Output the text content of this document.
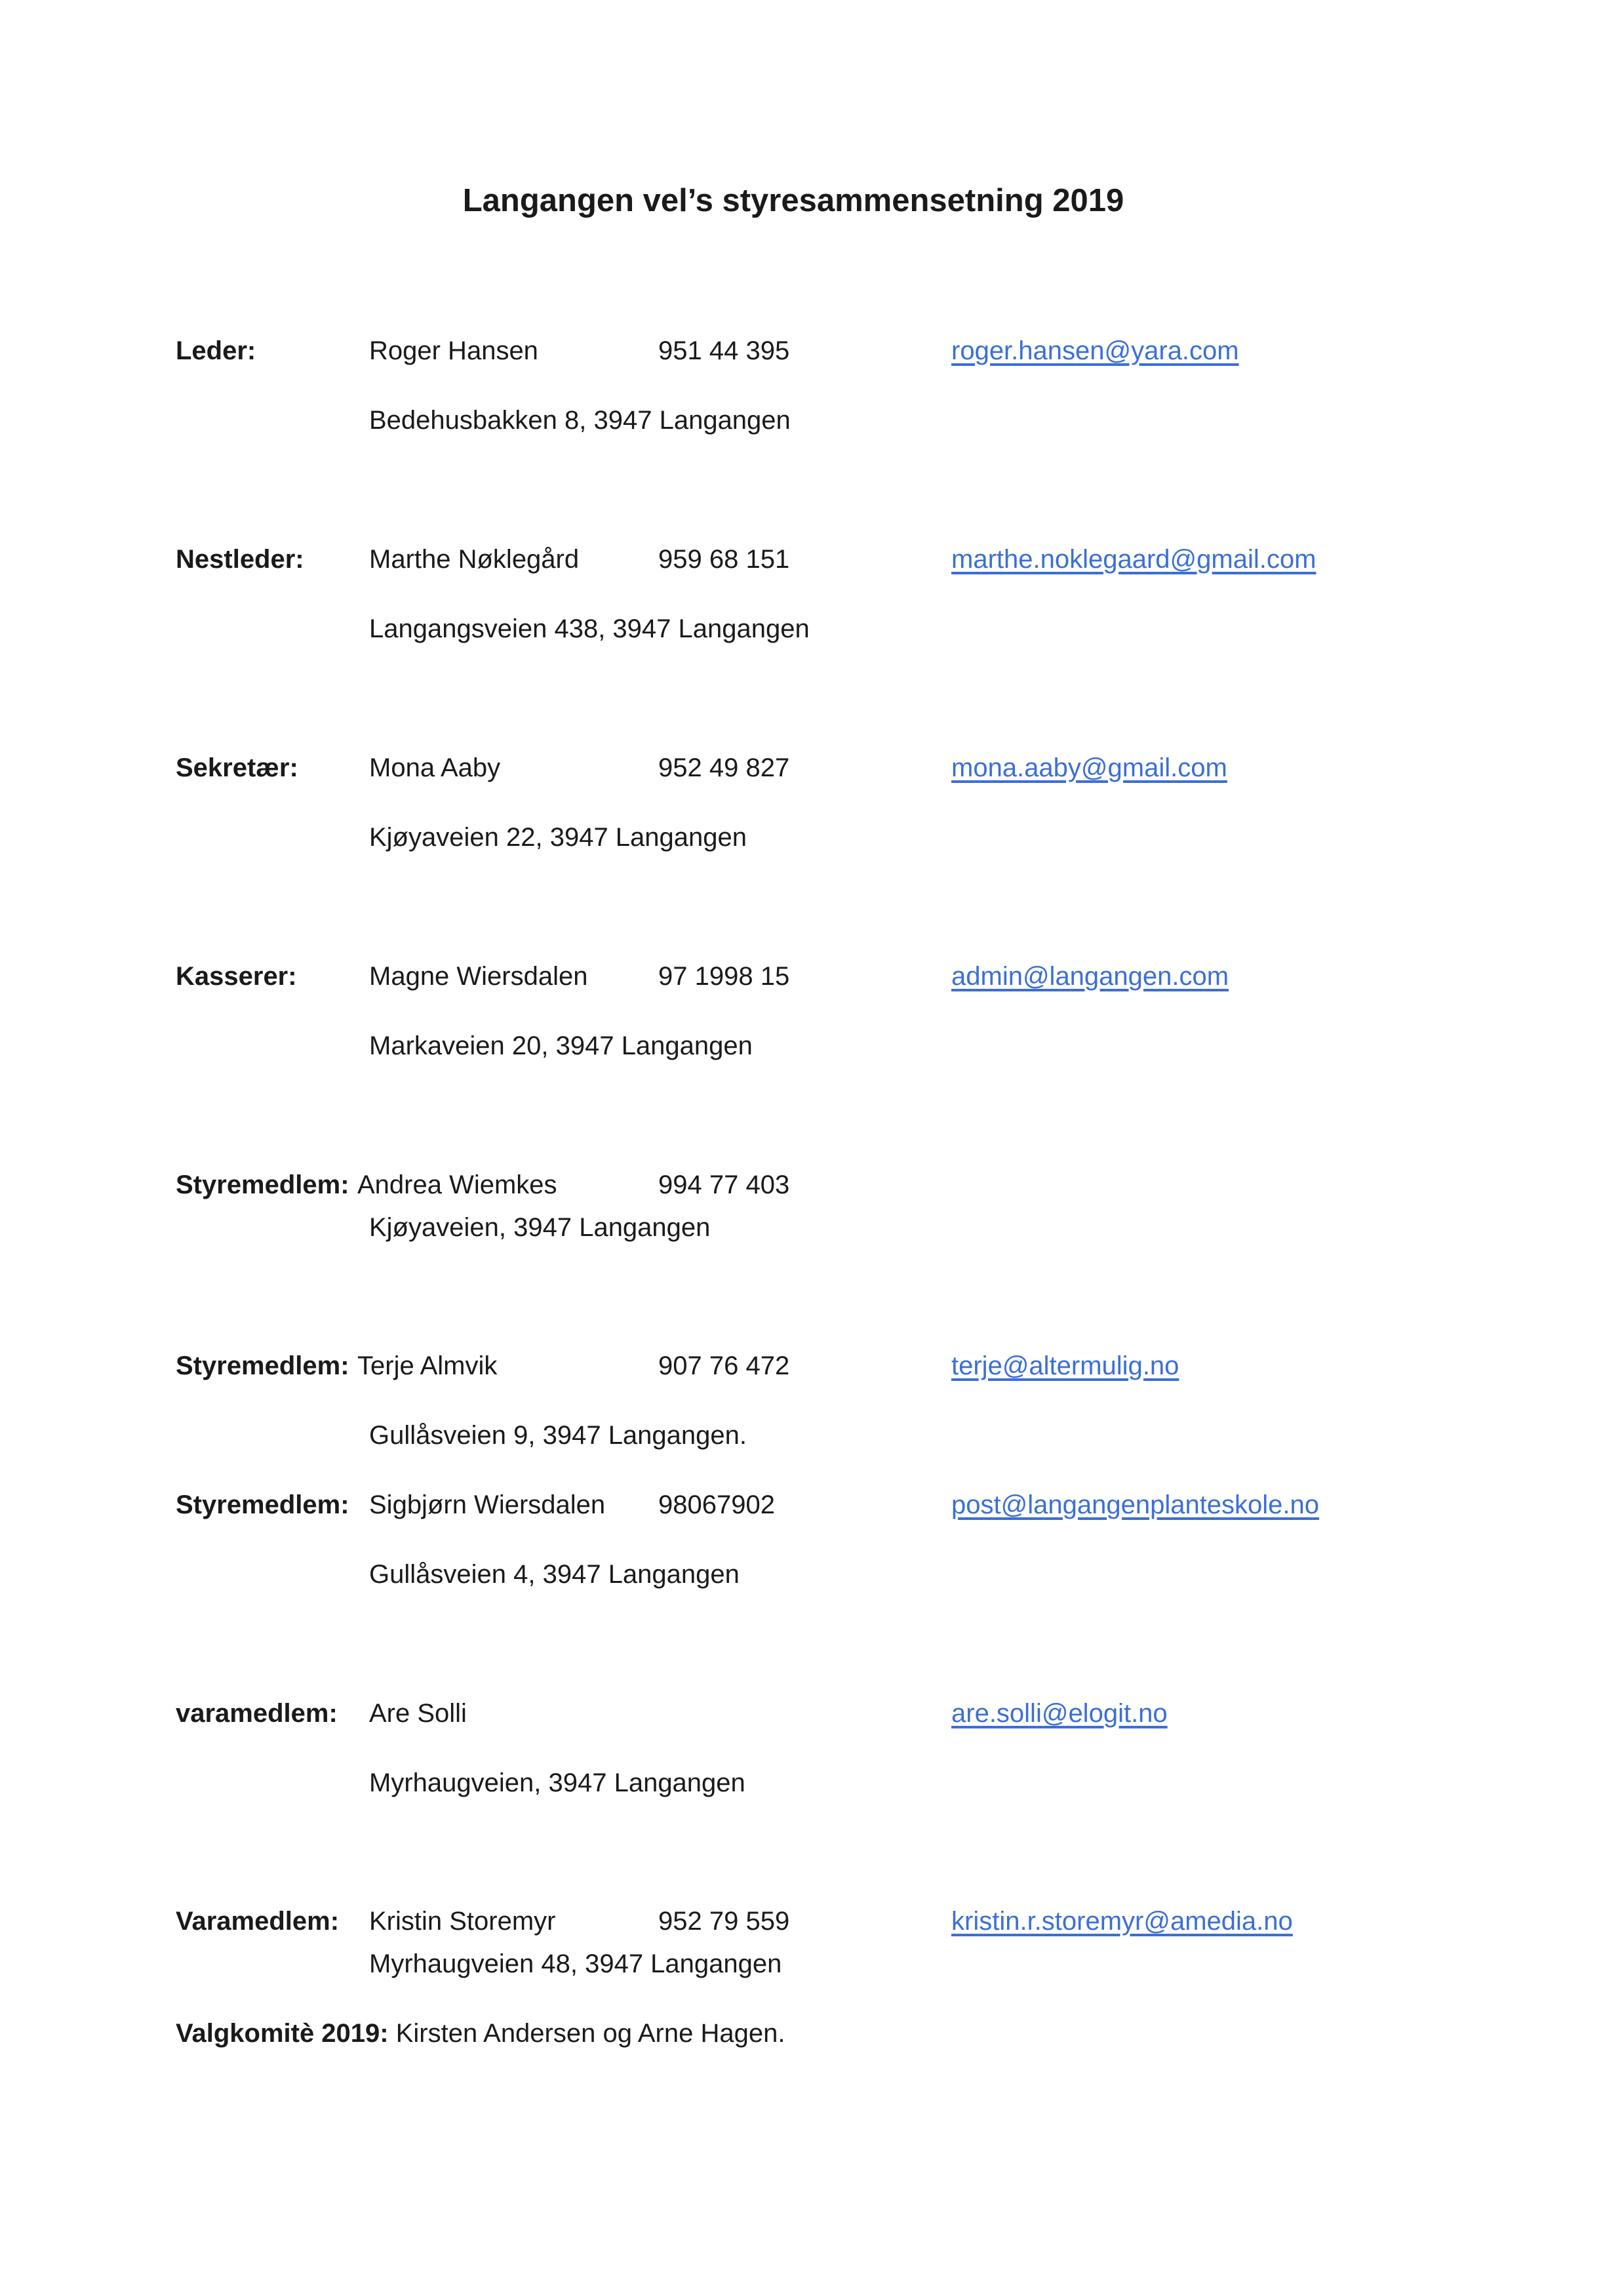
Langangen vel’s styresammensetning 2019
Leder:	Roger Hansen	951 44 395	roger.hansen@yara.com
Bedehusbakken 8, 3947 Langangen
Nestleder: Marthe Nøklegård	959 68 151	marthe.noklegaard@gmail.com
Langangsveien 438, 3947 Langangen
Sekretær:	Mona Aaby	952 49 827	mona.aaby@gmail.com
Kjøyaveien 22, 3947 Langangen
Kasserer:	Magne Wiersdalen	97 1998 15	admin@langangen.com
Markaveien 20, 3947 Langangen
Styremedlem: Andrea Wiemkes	994 77 403
Kjøyaveien, 3947 Langangen
Styremedlem: Terje Almvik	907 76 472	terje@altermulig.no
Gullåsveien 9, 3947 Langangen.
Styremedlem: Sigbjørn Wiersdalen 98067902	post@langangenplanteskole.no
Gullåsveien 4, 3947 Langangen
varamedlem: Are Solli	are.solli@elogit.no
Myrhaugveien, 3947 Langangen
Varamedlem: Kristin Storemyr	952 79 559	kristin.r.storemyr@amedia.no
Myrhaugveien 48, 3947 Langangen
Valgkomitè 2019: Kirsten Andersen og Arne Hagen.
